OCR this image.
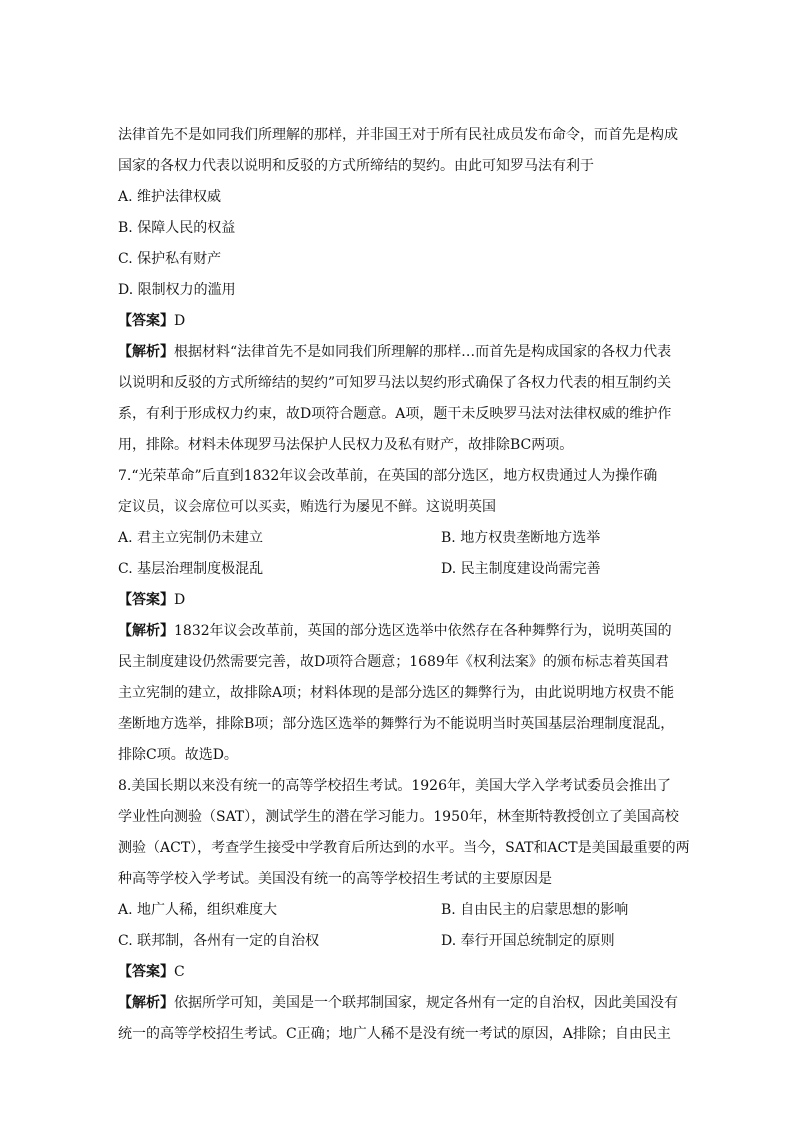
法律首先不是如同我们所理解的那样，并非国王对于所有民社成员发布命令，而首先是构成
国家的各权力代表以说明和反驳的方式所缔结的契约。由此可知罗马法有利于
A. 维护法律权威
B. 保障人民的权益
C. 保护私有财产
D. 限制权力的滥用
【答案】D
【解析】根据材料“法律首先不是如同我们所理解的那样…而首先是构成国家的各权力代表
以说明和反驳的方式所缔结的契约”可知罗马法以契约形式确保了各权力代表的相互制约关
系，有利于形成权力约束，故D项符合题意。A项，题干未反映罗马法对法律权威的维护作
用，排除。材料未体现罗马法保护人民权力及私有财产，故排除BC两项。
7.“光荣革命”后直到1832年议会改革前，在英国的部分选区，地方权贵通过人为操作确
定议员，议会席位可以买卖，贿选行为屡见不鲜。这说明英国
A. 君主立宪制仍未建立	B. 地方权贵垄断地方选举
C. 基层治理制度极混乱	D. 民主制度建设尚需完善
【答案】D
【解析】1832年议会改革前，英国的部分选区选举中依然存在各种舞弊行为，说明英国的
民主制度建设仍然需要完善，故D项符合题意；1689年《权利法案》的颁布标志着英国君
主立宪制的建立，故排除A项；材料体现的是部分选区的舞弊行为，由此说明地方权贵不能
垄断地方选举，排除B项；部分选区选举的舞弊行为不能说明当时英国基层治理制度混乱，
排除C项。故选D。
8.美国长期以来没有统一的高等学校招生考试。1926年，美国大学入学考试委员会推出了
学业性向测验（SAT），测试学生的潜在学习能力。1950年，林奎斯特教授创立了美国高校
测验（ACT），考查学生接受中学教育后所达到的水平。当今，SAT和ACT是美国最重要的两
种高等学校入学考试。美国没有统一的高等学校招生考试的主要原因是
A. 地广人稀，组织难度大	B. 自由民主的启蒙思想的影响
C. 联邦制，各州有一定的自治权	D. 奉行开国总统制定的原则
【答案】C
【解析】依据所学可知，美国是一个联邦制国家，规定各州有一定的自治权，因此美国没有
统一的高等学校招生考试。C正确；地广人稀不是没有统一考试的原因，A排除；自由民主
